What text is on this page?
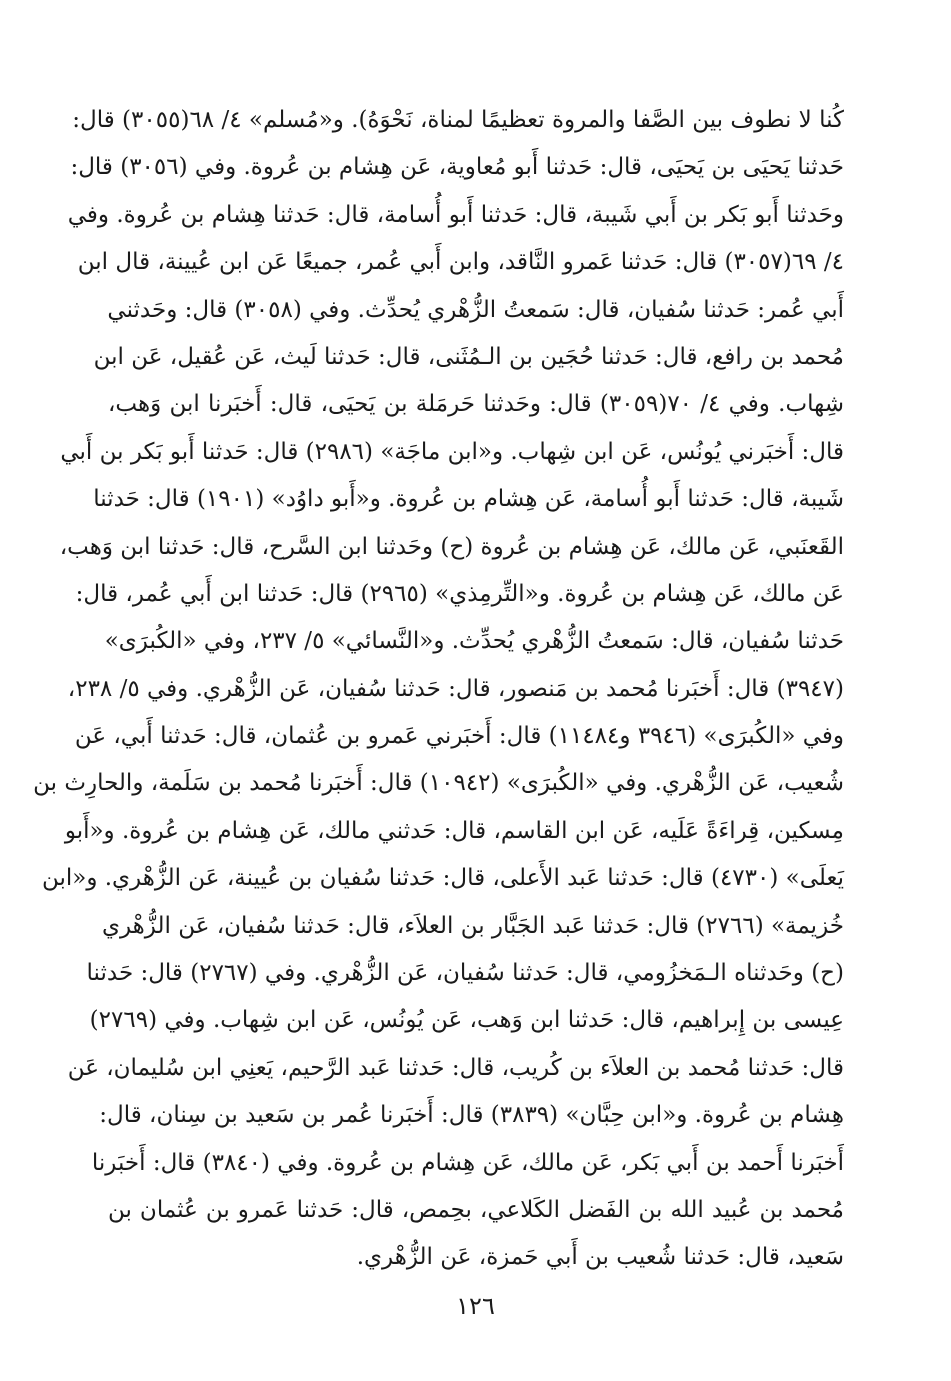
كُنا لا نطوف بين الصَّفا والمروة تعظيمًا لمناة، نَحْوَهُ). و«مُسلم» ٤/ ٦٨(٣٠٥٥) قال:
حَدثنا يَحيَى بن يَحيَى، قال: حَدثنا أَبو مُعاوية، عَن هِشام بن عُروة. وفي (٣٠٥٦) قال:
وحَدثنا أَبو بَكر بن أَبي شَيبة، قال: حَدثنا أَبو أُسامة، قال: حَدثنا هِشام بن عُروة. وفي
٤/ ٦٩(٣٠٥٧) قال: حَدثنا عَمرو النَّاقد، وابن أَبي عُمر، جميعًا عَن ابن عُيينة، قال ابن
أَبي عُمر: حَدثنا سُفيان، قال: سَمعتُ الزُّهْري يُحدِّث. وفي (٣٠٥٨) قال: وحَدثني
مُحمد بن رافع، قال: حَدثنا حُجَين بن الـمُثَنى، قال: حَدثنا لَيث، عَن عُقيل، عَن ابن
شِهاب. وفي ٤/ ٧٠(٣٠٥٩) قال: وحَدثنا حَرمَلة بن يَحيَى، قال: أَخبَرنا ابن وَهب،
قال: أَخبَرني يُونُس، عَن ابن شِهاب. و«ابن ماجَة» (٢٩٨٦) قال: حَدثنا أَبو بَكر بن أَبي
شَيبة، قال: حَدثنا أَبو أُسامة، عَن هِشام بن عُروة. و«أَبو داوُد» (١٩٠١) قال: حَدثنا
القَعنَبي، عَن مالك، عَن هِشام بن عُروة (ح) وحَدثنا ابن السَّرح، قال: حَدثنا ابن وَهب،
عَن مالك، عَن هِشام بن عُروة. و«التِّرمِذي» (٢٩٦٥) قال: حَدثنا ابن أَبي عُمر، قال:
حَدثنا سُفيان، قال: سَمعتُ الزُّهْري يُحدِّث. و«النَّسائي» ٥/ ٢٣٧، وفي «الكُبرَى»
(٣٩٤٧) قال: أَخبَرنا مُحمد بن مَنصور، قال: حَدثنا سُفيان، عَن الزُّهْري. وفي ٥/ ٢٣٨،
وفي «الكُبرَى» (٣٩٤٦ و١١٤٨٤) قال: أَخبَرني عَمرو بن عُثمان، قال: حَدثنا أَبي، عَن
شُعيب، عَن الزُّهْري. وفي «الكُبرَى» (١٠٩٤٢) قال: أَخبَرنا مُحمد بن سَلَمة، والحارِث بن
مِسكين، قِراءَةً عَلَيه، عَن ابن القاسم، قال: حَدثني مالك، عَن هِشام بن عُروة. و«أَبو
يَعلَى» (٤٧٣٠) قال: حَدثنا عَبد الأَعلى، قال: حَدثنا سُفيان بن عُيينة، عَن الزُّهْري. و«ابن
خُزيمة» (٢٧٦٦) قال: حَدثنا عَبد الجَبَّار بن العلاَء، قال: حَدثنا سُفيان، عَن الزُّهْري
(ح) وحَدثناه الـمَخزُومي، قال: حَدثنا سُفيان، عَن الزُّهْري. وفي (٢٧٦٧) قال: حَدثنا
عِيسى بن إِبراهيم، قال: حَدثنا ابن وَهب، عَن يُونُس، عَن ابن شِهاب. وفي (٢٧٦٩)
قال: حَدثنا مُحمد بن العلاَء بن كُريب، قال: حَدثنا عَبد الرَّحيم، يَعنِي ابن سُليمان، عَن
هِشام بن عُروة. و«ابن حِبَّان» (٣٨٣٩) قال: أَخبَرنا عُمر بن سَعيد بن سِنان، قال:
أَخبَرنا أَحمد بن أَبي بَكر، عَن مالك، عَن هِشام بن عُروة. وفي (٣٨٤٠) قال: أَخبَرنا
مُحمد بن عُبيد الله بن الفَضل الكَلاعي، بحِمص، قال: حَدثنا عَمرو بن عُثمان بن
سَعيد، قال: حَدثنا شُعيب بن أَبي حَمزة، عَن الزُّهْري.
١٢٦
